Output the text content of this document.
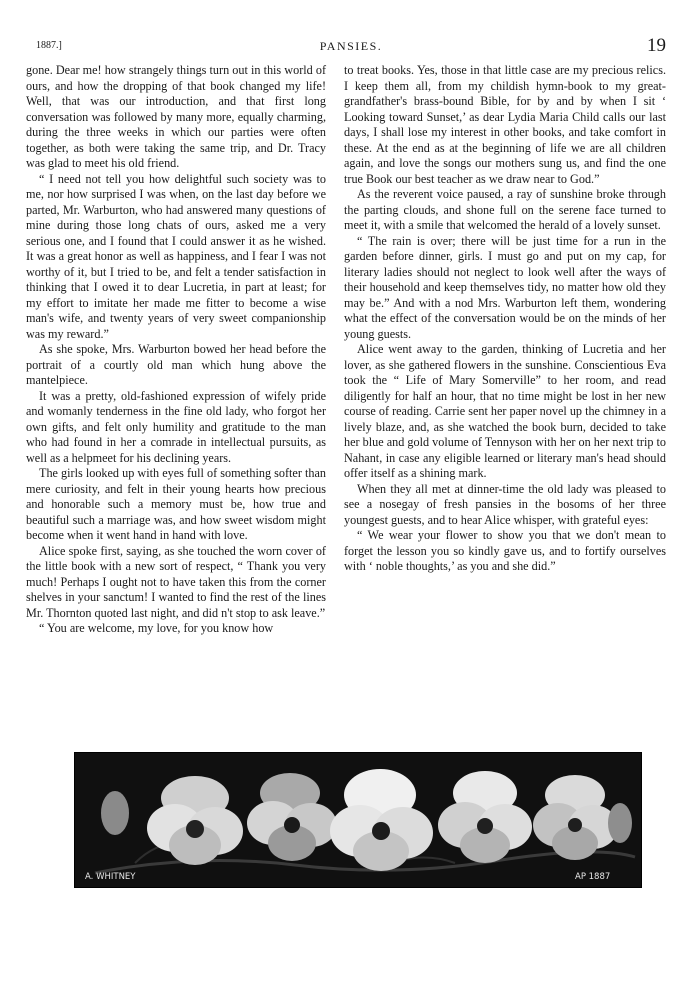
1887.]	PANSIES.	19

gone. Dear me! how strangely things turn out in this world of ours, and how the dropping of that book changed my life! Well, that was our introduction, and that first long conversation was followed by many more, equally charming, during the three weeks in which our parties were often together, as both were taking the same trip, and Dr. Tracy was glad to meet his old friend.

“ I need not tell you how delightful such society was to me, nor how surprised I was when, on the last day before we parted, Mr. Warburton, who had answered many questions of mine during those long chats of ours, asked me a very serious one, and I found that I could answer it as he wished. It was a great honor as well as happiness, and I fear I was not worthy of it, but I tried to be, and felt a tender satisfaction in thinking that I owed it to dear Lucretia, in part at least; for my effort to imitate her made me fitter to become a wise man's wife, and twenty years of very sweet companionship was my reward.”

As she spoke, Mrs. Warburton bowed her head before the portrait of a courtly old man which hung above the mantelpiece.

It was a pretty, old-fashioned expression of wifely pride and womanly tenderness in the fine old lady, who forgot her own gifts, and felt only humility and gratitude to the man who had found in her a comrade in intellectual pursuits, as well as a helpmeet for his declining years.

The girls looked up with eyes full of something softer than mere curiosity, and felt in their young hearts how precious and honorable such a memory must be, how true and beautiful such a marriage was, and how sweet wisdom might become when it went hand in hand with love.

Alice spoke first, saying, as she touched the worn cover of the little book with a new sort of respect, “ Thank you very much! Perhaps I ought not to have taken this from the corner shelves in your sanctum! I wanted to find the rest of the lines Mr. Thornton quoted last night, and did n't stop to ask leave.”

“ You are welcome, my love, for you know how

to treat books. Yes, those in that little case are my precious relics. I keep them all, from my childish hymn-book to my great-grandfather's brass-bound Bible, for by and by when I sit ‘ Looking toward Sunset,’ as dear Lydia Maria Child calls our last days, I shall lose my interest in other books, and take comfort in these. At the end as at the beginning of life we are all children again, and love the songs our mothers sung us, and find the one true Book our best teacher as we draw near to God.”

As the reverent voice paused, a ray of sunshine broke through the parting clouds, and shone full on the serene face turned to meet it, with a smile that welcomed the herald of a lovely sunset.

“ The rain is over; there will be just time for a run in the garden before dinner, girls. I must go and put on my cap, for literary ladies should not neglect to look well after the ways of their household and keep themselves tidy, no matter how old they may be.” And with a nod Mrs. Warburton left them, wondering what the effect of the conversation would be on the minds of her young guests.

Alice went away to the garden, thinking of Lucretia and her lover, as she gathered flowers in the sunshine. Conscientious Eva took the “ Life of Mary Somerville” to her room, and read diligently for half an hour, that no time might be lost in her new course of reading. Carrie sent her paper novel up the chimney in a lively blaze, and, as she watched the book burn, decided to take her blue and gold volume of Tennyson with her on her next trip to Nahant, in case any eligible learned or literary man's head should offer itself as a shining mark.

When they all met at dinner-time the old lady was pleased to see a nosegay of fresh pansies in the bosoms of her three youngest guests, and to hear Alice whisper, with grateful eyes:

“ We wear your flower to show you that we don't mean to forget the lesson you so kindly gave us, and to fortify ourselves with ‘ noble thoughts,’ as you and she did.”

A. WHITNEY	AP 1887
